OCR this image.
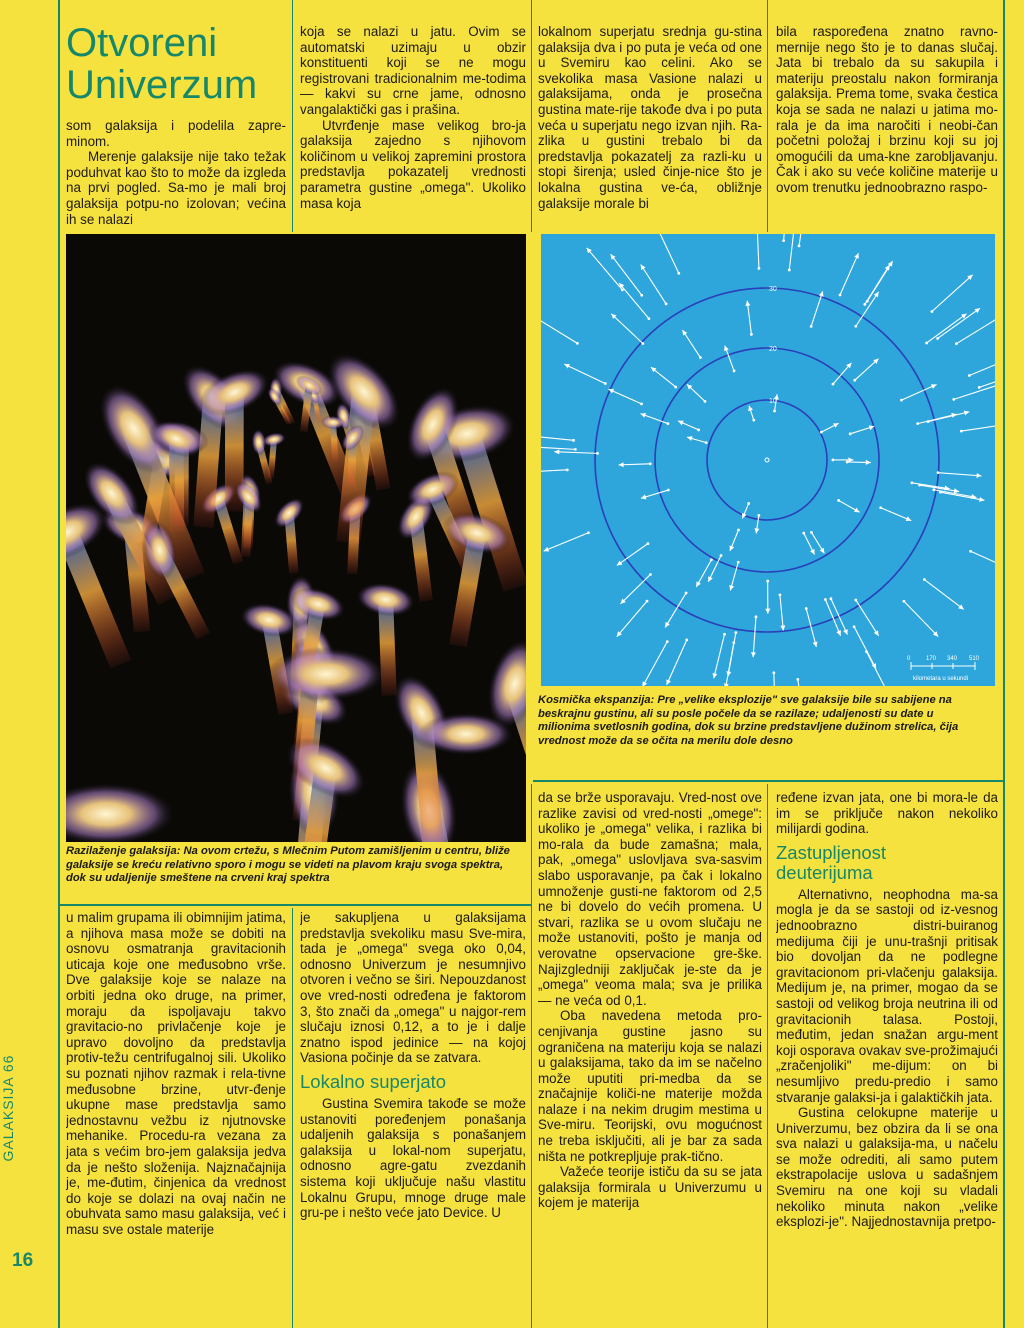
Otvoreni
Univerzum

som galaksija i podelila zapre-minom.

Merenje galaksije nije tako težak poduhvat kao što to može da izgleda na prvi pogled. Sa-mo je mali broj galaksija potpu-no izolovan; većina ih se nalazi

koja se nalazi u jatu. Ovim se automatski uzimaju u obzir konstituenti koji se ne mogu registrovani tradicionalnim me-todima — kakvi su crne jame, odnosno vangalaktički gas i prašina.

Utvrđenje mase velikog bro-ja galaksija zajedno s njihovom količinom u velikoj zapremini prostora predstavlja pokazatelj vrednosti parametra gustine „omega". Ukoliko masa koja

lokalnom superjatu srednja gu-stina galaksija dva i po puta je veća od one u Svemiru kao celini. Ako se svekolika masa Vasione nalazi u galaksijama, onda je prosečna gustina mate-rije takođe dva i po puta veća u superjatu nego izvan njih. Ra-zlika u gustini trebalo bi da predstavlja pokazatelj za razli-ku u stopi širenja; usled činje-nice što je lokalna gustina ve-ća, obližnje galaksije morale bi

bila raspoređena znatno ravno-mernije nego što je to danas slučaj. Jata bi trebalo da su sakupila i materiju preostalu nakon formiranja galaksija. Prema tome, svaka čestica koja se sada ne nalazi u jatima mo-rala je da ima naročiti i neobi-čan početni položaj i brzinu koji su joj omogućili da uma-kne zarobljavanju. Čak i ako su veće količine materije u ovom trenutku jednoobrazno raspo-

10
20
30
0	170 340 510
kilometara u sekundi
Kosmička ekspanzija: Pre „velike eksplozije" sve galaksije bile su sabijene na beskrajnu gustinu, ali su posle počele da se razilaze; udaljenosti su date u milionima svetlosnih godina, dok su brzine predstavljene dužinom strelica, čija vrednost može da se očita na merilu dole desno
Razilaženje galaksija: Na ovom crtežu, s Mlečnim Putom zamišljenim u centru, bliže galaksije se kreću relativno sporo i mogu se videti na plavom kraju svoga spektra, dok su udaljenije smeštene na crveni kraj spektra

u malim grupama ili obimnijim jatima, a njihova masa može se dobiti na osnovu osmatranja gravitacionih uticaja koje one međusobno vrše. Dve galaksije koje se nalaze na orbiti jedna oko druge, na primer, moraju da ispoljavaju takvo gravitacio-no privlačenje koje je upravo dovoljno da predstavlja protiv-težu centrifugalnoj sili. Ukoliko su poznati njihov razmak i rela-tivne međusobne brzine, utvr-đenje ukupne mase predstavlja samo jednostavnu vežbu iz njutnovske mehanike. Procedu-ra vezana za jata s većim bro-jem galaksija jedva da je nešto složenija. Najznačajnija je, me-đutim, činjenica da vrednost do koje se dolazi na ovaj način ne obuhvata samo masu galaksija, već i masu sve ostale materije

je sakupljena u galaksijama predstavlja svekoliku masu Sve-mira, tada je „omega" svega oko 0,04, odnosno Univerzum je nesumnjivo otvoren i večno se širi. Nepouzdanost ove vred-nosti određena je faktorom 3, što znači da „omega" u najgor-rem slučaju iznosi 0,12, a to je i dalje znatno ispod jedinice — na kojoj Vasiona počinje da se zatvara.

Lokalno superjato

Gustina Svemira takođe se može ustanoviti poređenjem ponašanja udaljenih galaksija s ponašanjem galaksija u lokal-nom superjatu, odnosno agre-gatu zvezdanih sistema koji uključuje našu vlastitu Lokalnu Grupu, mnoge druge male gru-pe i nešto veće jato Device. U

da se brže usporavaju. Vred-nost ove razlike zavisi od vred-nosti „omege": ukoliko je „omega" velika, i razlika bi mo-rala da bude zamašna; mala, pak, „omega" uslovljava sva-sasvim slabo usporavanje, pa čak i lokalno umnoženje gusti-ne faktorom od 2,5 ne bi dovelo do većih promena. U stvari, razlika se u ovom slučaju ne može ustanoviti, pošto je manja od verovatne opservacione gre-ške. Najizgledniji zaključak je-ste da je „omega" veoma mala; sva je prilika — ne veća od 0,1.

Oba navedena metoda pro-cenjivanja gustine jasno su ograničena na materiju koja se nalazi u galaksijama, tako da im se načelno može uputiti pri-medba da se značajnije količi-ne materije možda nalaze i na nekim drugim mestima u Sve-miru. Teorijski, ovu mogućnost ne treba isključiti, ali je bar za sada ništa ne potkrepljuje prak-tično.

Važeće teorije ističu da su se jata galaksija formirala u Univerzumu u kojem je materija

ređene izvan jata, one bi mora-le da im se priključe nakon nekoliko milijardi godina.

Zastupljenost
deuterijuma

Alternativno, neophodna ma-sa mogla je da se sastoji od iz-vesnog jednoobrazno distri-buiranog medijuma čiji je unu-trašnji pritisak bio dovoljan da ne podlegne gravitacionom pri-vlačenju galaksija. Medijum je, na primer, mogao da se sastoji od velikog broja neutrina ili od gravitacionih talasa. Postoji, međutim, jedan snažan argu-ment koji osporava ovakav sve-prožimajući „zračenjoliki" me-dijum: on bi nesumljivo predu-predio i samo stvaranje galaksi-ja i galaktičkih jata.

Gustina celokupne materije u Univerzumu, bez obzira da li se ona sva nalazi u galaksija-ma, u načelu se može odrediti, ali samo putem ekstrapolacije uslova u sadašnjem Svemiru na one koji su vladali nekoliko minuta nakon „velike eksplozi-je". Najjednostavnija pretpo-

GALAKSIJA 66
16
